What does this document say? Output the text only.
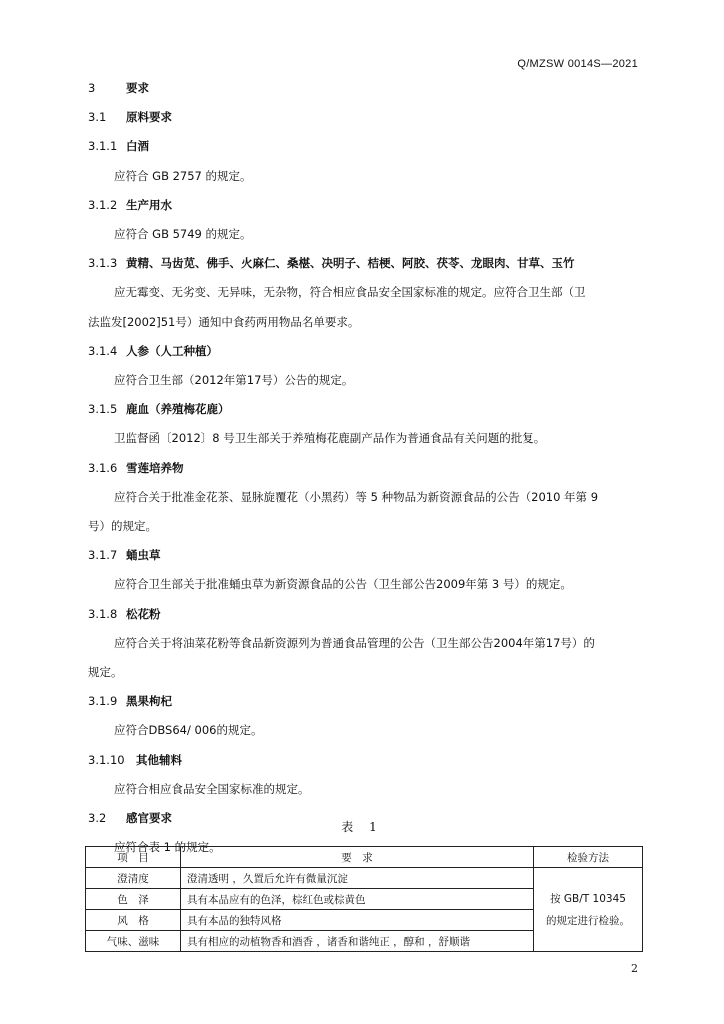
Q/MZSW 0014S—2021
3	要求
3.1 原料要求
3.1.1 白酒
应符合 GB 2757 的规定。
3.1.2 生产用水
应符合 GB 5749 的规定。
3.1.3 黄精、马齿苋、佛手、火麻仁、桑椹、决明子、桔梗、阿胶、茯苓、龙眼肉、甘草、玉竹
应无霉变、无劣变、无异味，无杂物，符合相应食品安全国家标准的规定。应符合卫生部（卫
法监发[2002]51号）通知中食药两用物品名单要求。
3.1.4 人参（人工种植）
应符合卫生部（2012年第17号）公告的规定。
3.1.5 鹿血（养殖梅花鹿）
卫监督函〔2012〕8 号卫生部关于养殖梅花鹿副产品作为普通食品有关问题的批复。
3.1.6 雪莲培养物
应符合关于批准金花茶、显脉旋覆花（小黑药）等 5 种物品为新资源食品的公告（2010 年第 9
号）的规定。
3.1.7 蛹虫草
应符合卫生部关于批准蛹虫草为新资源食品的公告（卫生部公告2009年第 3 号）的规定。
3.1.8 松花粉
应符合关于将油菜花粉等食品新资源列为普通食品管理的公告（卫生部公告2004年第17号）的
规定。
3.1.9 黑果枸杞
应符合DBS64/ 006的规定。
3.1.10 其他辅料
应符合相应食品安全国家标准的规定。
3.2 感官要求
应符合表 1 的规定。
表 1
项　目	要　求	检验方法
澄清度	澄清透明 ，久置后允许有微量沉淀	按 GB/T 10345 的规定进行检验。
色　泽	具有本品应有的色泽，棕红色或棕黄色	
风　格	具有本品的独特风格	
气味、滋味	具有相应的动植物香和酒香 ，诸香和谐纯正 ，醇和 ，舒顺谐	
2
